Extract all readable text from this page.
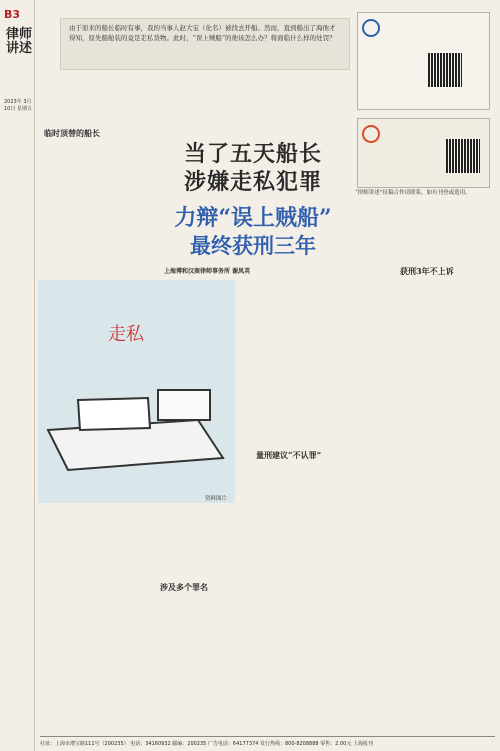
B3
律师讲述
2023年 3月 10日 星期五
由于原来的船长临时有事，我的当事人赵大宝（化名）被找去开船。然而，直到船出了海他才得知，原先船舱装的竟是走私货物。此时，“误上贼船”的他该怎么办？将面临什么样的处罚？
“律师讲述”征稿合作请联系，如有刊登或选用。
临时顶替的船长
当了五天船长
涉嫌走私犯罪
力辩“误上贼船”
最终获刑三年
上海博和汉商律师事务所 谢凤英
走私
资料图片
量刑建议“不认罪”
涉及多个罪名
获刑3年不上诉
社址：上海市漕宝路111号（200235） 电话：34160932 邮编：200235 广告电话：64177374 发行热线：800-8208888 零售：2.00元 上海报刊
